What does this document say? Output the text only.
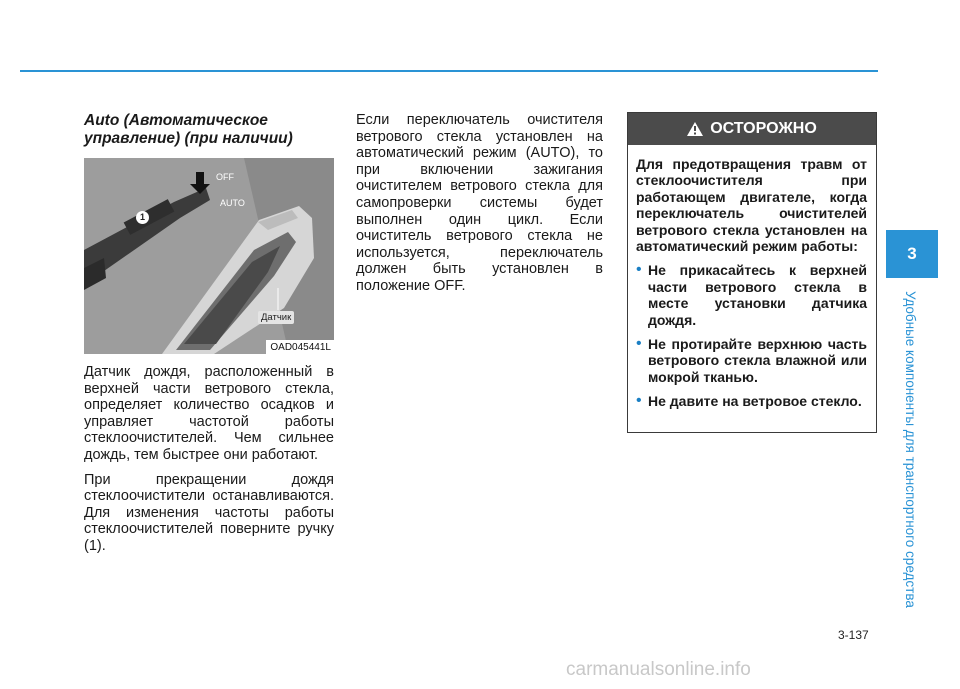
Auto (Автоматическое управление) (при наличии)

1
OFF
AUTO
Датчик
OAD045441L

Датчик дождя, расположенный в верхней части ветрового стекла, определяет количество осадков и управляет частотой работы стеклоочистителей. Чем сильнее дождь, тем быстрее они работают.

При прекращении дождя стеклоочистители останавливаются. Для изменения частоты работы стеклоочистителей поверните ручку (1).

Если переключатель очистителя ветрового стекла установлен на автоматический режим (AUTO), то при включении зажигания очистителем ветрового стекла для самопроверки системы будет выполнен один цикл. Если очиститель ветрового стекла не используется, переключатель должен быть установлен в положение OFF.

ОСТОРОЖНО

Для предотвращения травм от стеклоочистителя при работающем двигателе, когда переключатель очистителей ветрового стекла установлен на автоматический режим работы:

• Не прикасайтесь к верхней части ветрового стекла в месте установки датчика дождя.
• Не протирайте верхнюю часть ветрового стекла влажной или мокрой тканью.
• Не давите на ветровое стекло.
3
Удобные компоненты для транспортного средства
3-137
carmanualsonline.info
